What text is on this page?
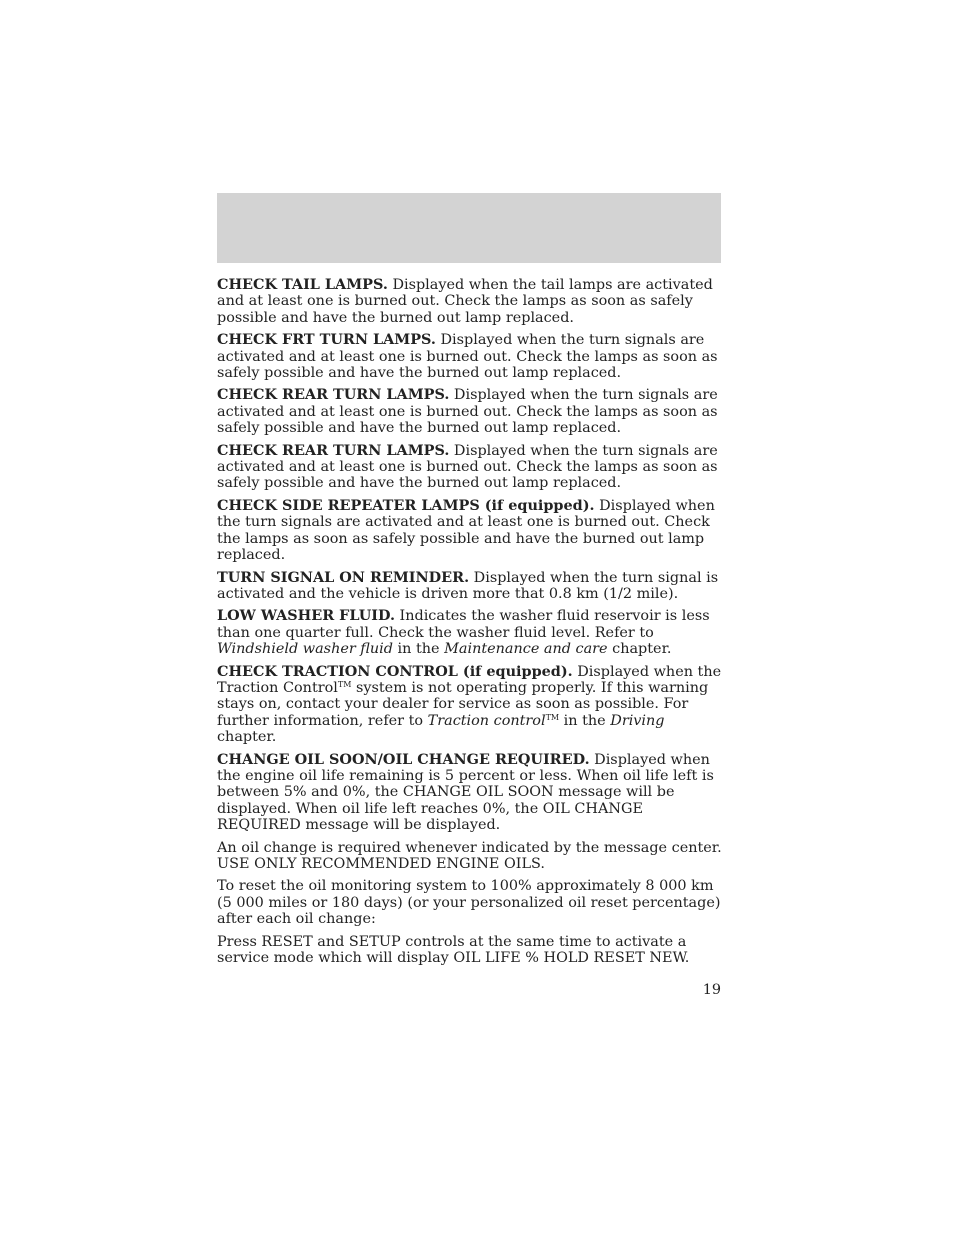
CHECK TAIL LAMPS. Displayed when the tail lamps are activated and at least one is burned out. Check the lamps as soon as safely possible and have the burned out lamp replaced.

CHECK FRT TURN LAMPS. Displayed when the turn signals are activated and at least one is burned out. Check the lamps as soon as safely possible and have the burned out lamp replaced.

CHECK REAR TURN LAMPS. Displayed when the turn signals are activated and at least one is burned out. Check the lamps as soon as safely possible and have the burned out lamp replaced.

CHECK REAR TURN LAMPS. Displayed when the turn signals are activated and at least one is burned out. Check the lamps as soon as safely possible and have the burned out lamp replaced.

CHECK SIDE REPEATER LAMPS (if equipped). Displayed when the turn signals are activated and at least one is burned out. Check the lamps as soon as safely possible and have the burned out lamp replaced.

TURN SIGNAL ON REMINDER. Displayed when the turn signal is activated and the vehicle is driven more that 0.8 km (1/2 mile).

LOW WASHER FLUID. Indicates the washer fluid reservoir is less than one quarter full. Check the washer fluid level. Refer to Windshield washer fluid in the Maintenance and care chapter.

CHECK TRACTION CONTROL (if equipped). Displayed when the Traction Control™ system is not operating properly. If this warning stays on, contact your dealer for service as soon as possible. For further information, refer to Traction control™ in the Driving chapter.

CHANGE OIL SOON/OIL CHANGE REQUIRED. Displayed when the engine oil life remaining is 5 percent or less. When oil life left is between 5% and 0%, the CHANGE OIL SOON message will be displayed. When oil life left reaches 0%, the OIL CHANGE REQUIRED message will be displayed.

An oil change is required whenever indicated by the message center. USE ONLY RECOMMENDED ENGINE OILS.

To reset the oil monitoring system to 100% approximately 8 000 km (5 000 miles or 180 days) (or your personalized oil reset percentage) after each oil change:

Press RESET and SETUP controls at the same time to activate a service mode which will display OIL LIFE % HOLD RESET NEW.

19
